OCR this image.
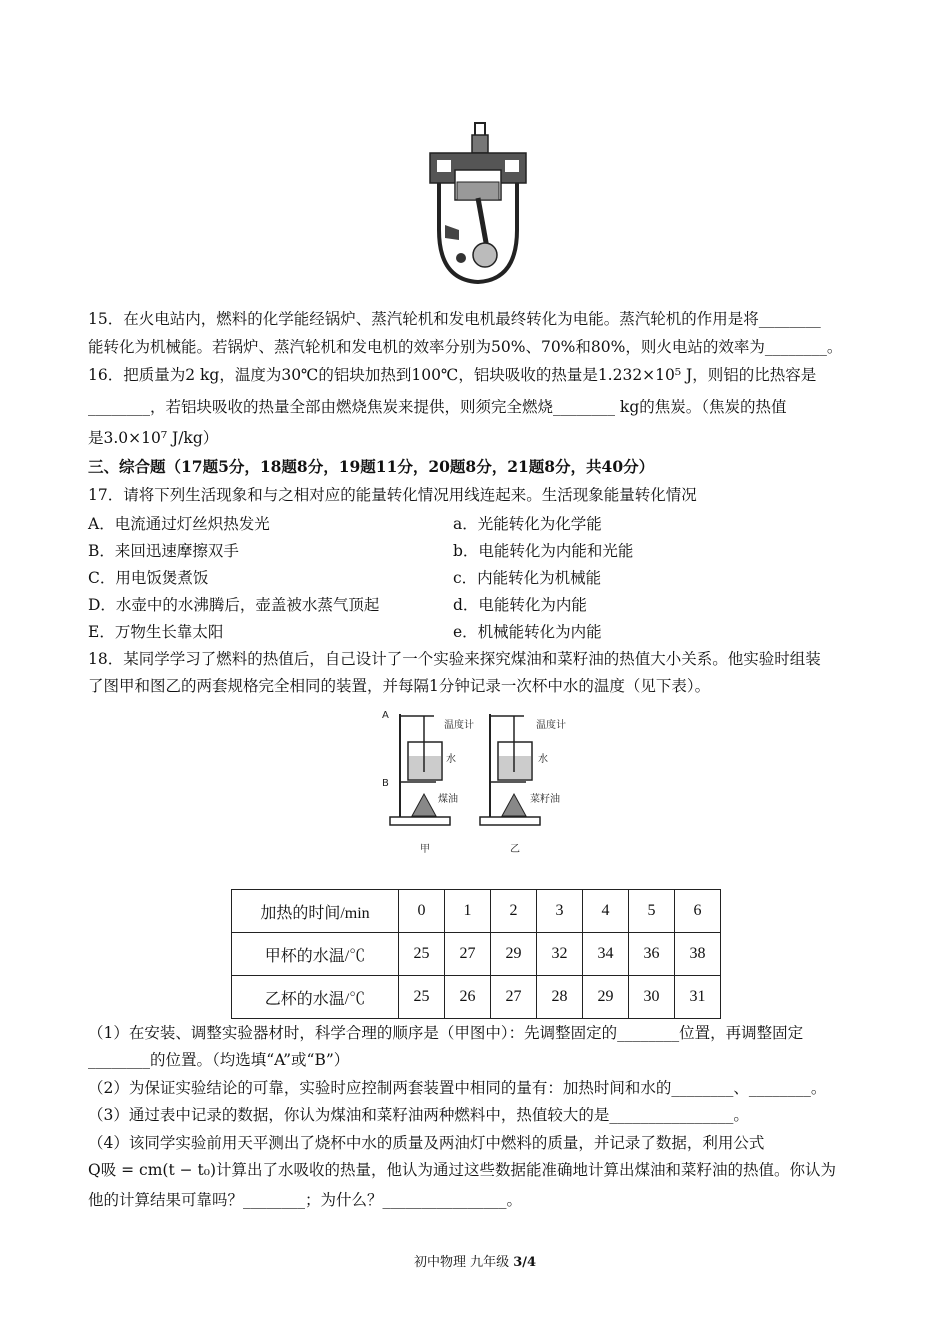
15．在火电站内，燃料的化学能经锅炉、蒸汽轮机和发电机最终转化为电能。蒸汽轮机的作用是将________
能转化为机械能。若锅炉、蒸汽轮机和发电机的效率分别为50%、70%和80%，则火电站的效率为________。
16．把质量为2 kg，温度为30℃的铝块加热到100℃，铝块吸收的热量是1.232×10⁵ J，则铝的比热容是
________，若铝块吸收的热量全部由燃烧焦炭来提供，则须完全燃烧________ kg的焦炭。（焦炭的热值
是3.0×10⁷ J/kg）
三、综合题（17题5分，18题8分，19题11分，20题8分，21题8分，共40分）
17．请将下列生活现象和与之相对应的能量转化情况用线连起来。生活现象能量转化情况
A．电流通过灯丝炽热发光	a．光能转化为化学能
B．来回迅速摩擦双手	b．电能转化为内能和光能
C．用电饭煲煮饭	c．内能转化为机械能
D．水壶中的水沸腾后，壶盖被水蒸气顶起	d．电能转化为内能
E．万物生长靠太阳	e．机械能转化为内能
18．某同学学习了燃料的热值后，自己设计了一个实验来探究煤油和菜籽油的热值大小关系。他实验时组装
了图甲和图乙的两套规格完全相同的装置，并每隔1分钟记录一次杯中水的温度（见下表）。
A
B
温度计
水
煤油
甲
温度计
水
菜籽油
乙
加热的时间/min	0	1	2	3	4	5	6
甲杯的水温/℃	25	27	29	32	34	36	38
乙杯的水温/℃	25	26	27	28	29	30	31
（1）在安装、调整实验器材时，科学合理的顺序是（甲图中）：先调整固定的________位置，再调整固定
________的位置。（均选填“A”或“B”）
（2）为保证实验结论的可靠，实验时应控制两套装置中相同的量有：加热时间和水的________、________。
（3）通过表中记录的数据，你认为煤油和菜籽油两种燃料中，热值较大的是________________。
（4）该同学实验前用天平测出了烧杯中水的质量及两油灯中燃料的质量，并记录了数据，利用公式
Q吸 = cm(t − t₀)计算出了水吸收的热量，他认为通过这些数据能准确地计算出煤油和菜籽油的热值。你认为
他的计算结果可靠吗？________；为什么？________________。
初中物理 九年级 3/4
